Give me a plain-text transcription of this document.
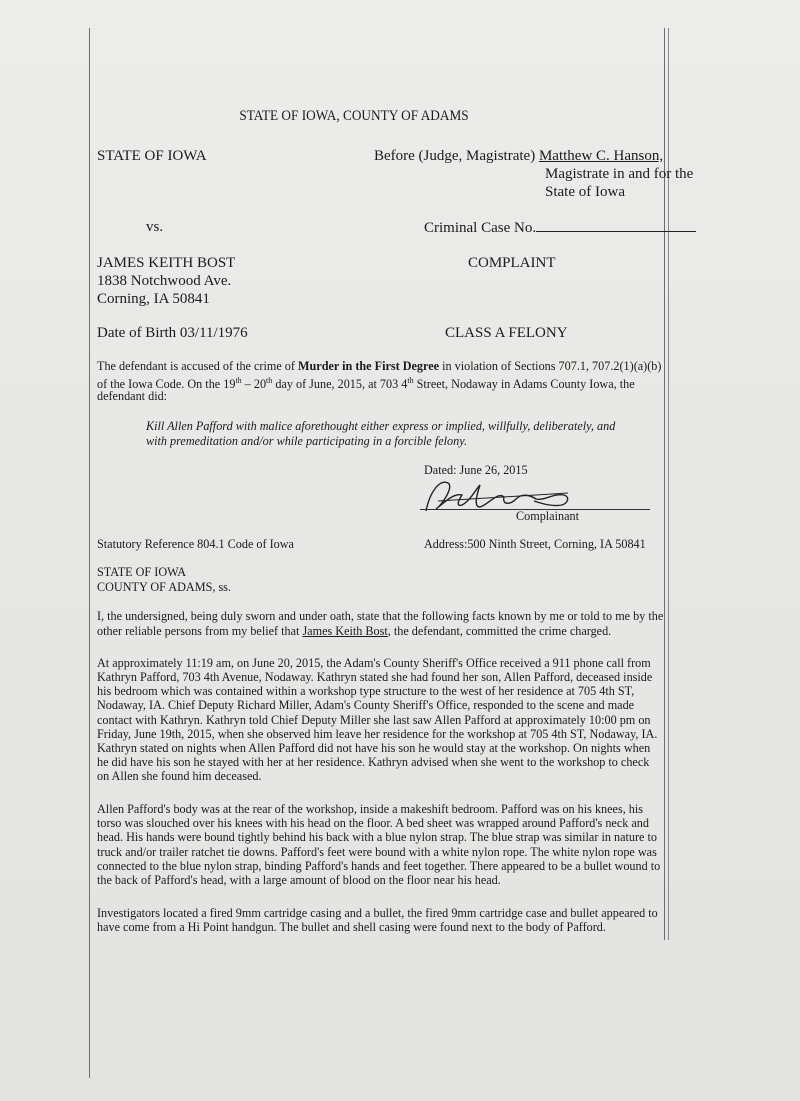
STATE OF IOWA, COUNTY OF ADAMS
STATE OF IOWA	Before (Judge, Magistrate) Matthew C. Hanson,
Magistrate in and for the
State of Iowa
vs.	Criminal Case No.
JAMES KEITH BOST	COMPLAINT
1838 Notchwood Ave.
Corning, IA 50841
Date of Birth 03/11/1976	CLASS A FELONY
The defendant is accused of the crime of Murder in the First Degree in violation of Sections 707.1, 707.2(1)(a)(b)
of the Iowa Code. On the 19th – 20th day of June, 2015, at 703 4th Street, Nodaway in Adams County Iowa, the
defendant did:
Kill Allen Pafford with malice aforethought either express or implied, willfully, deliberately, and
with premeditation and/or while participating in a forcible felony.
Dated: June 26, 2015
Complainant
Statutory Reference 804.1 Code of Iowa	Address:500 Ninth Street, Corning, IA 50841
STATE OF IOWA
COUNTY OF ADAMS, ss.
I, the undersigned, being duly sworn and under oath, state that the following facts known by me or told to me by the
other reliable persons from my belief that James Keith Bost, the defendant, committed the crime charged.
At approximately 11:19 am, on June 20, 2015, the Adam's County Sheriff's Office received a 911 phone call from
Kathryn Pafford, 703 4th Avenue, Nodaway. Kathryn stated she had found her son, Allen Pafford, deceased inside
his bedroom which was contained within a workshop type structure to the west of her residence at 705 4th ST,
Nodaway, IA. Chief Deputy Richard Miller, Adam's County Sheriff's Office, responded to the scene and made
contact with Kathryn. Kathryn told Chief Deputy Miller she last saw Allen Pafford at approximately 10:00 pm on
Friday, June 19th, 2015, when she observed him leave her residence for the workshop at 705 4th ST, Nodaway, IA.
Kathryn stated on nights when Allen Pafford did not have his son he would stay at the workshop. On nights when
he did have his son he stayed with her at her residence. Kathryn advised when she went to the workshop to check
on Allen she found him deceased.
Allen Pafford's body was at the rear of the workshop, inside a makeshift bedroom. Pafford was on his knees, his
torso was slouched over his knees with his head on the floor. A bed sheet was wrapped around Pafford's neck and
head. His hands were bound tightly behind his back with a blue nylon strap. The blue strap was similar in nature to
truck and/or trailer ratchet tie downs. Pafford's feet were bound with a white nylon rope. The white nylon rope was
connected to the blue nylon strap, binding Pafford's hands and feet together. There appeared to be a bullet wound to
the back of Pafford's head, with a large amount of blood on the floor near his head.
Investigators located a fired 9mm cartridge casing and a bullet, the fired 9mm cartridge case and bullet appeared to
have come from a Hi Point handgun. The bullet and shell casing were found next to the body of Pafford.
